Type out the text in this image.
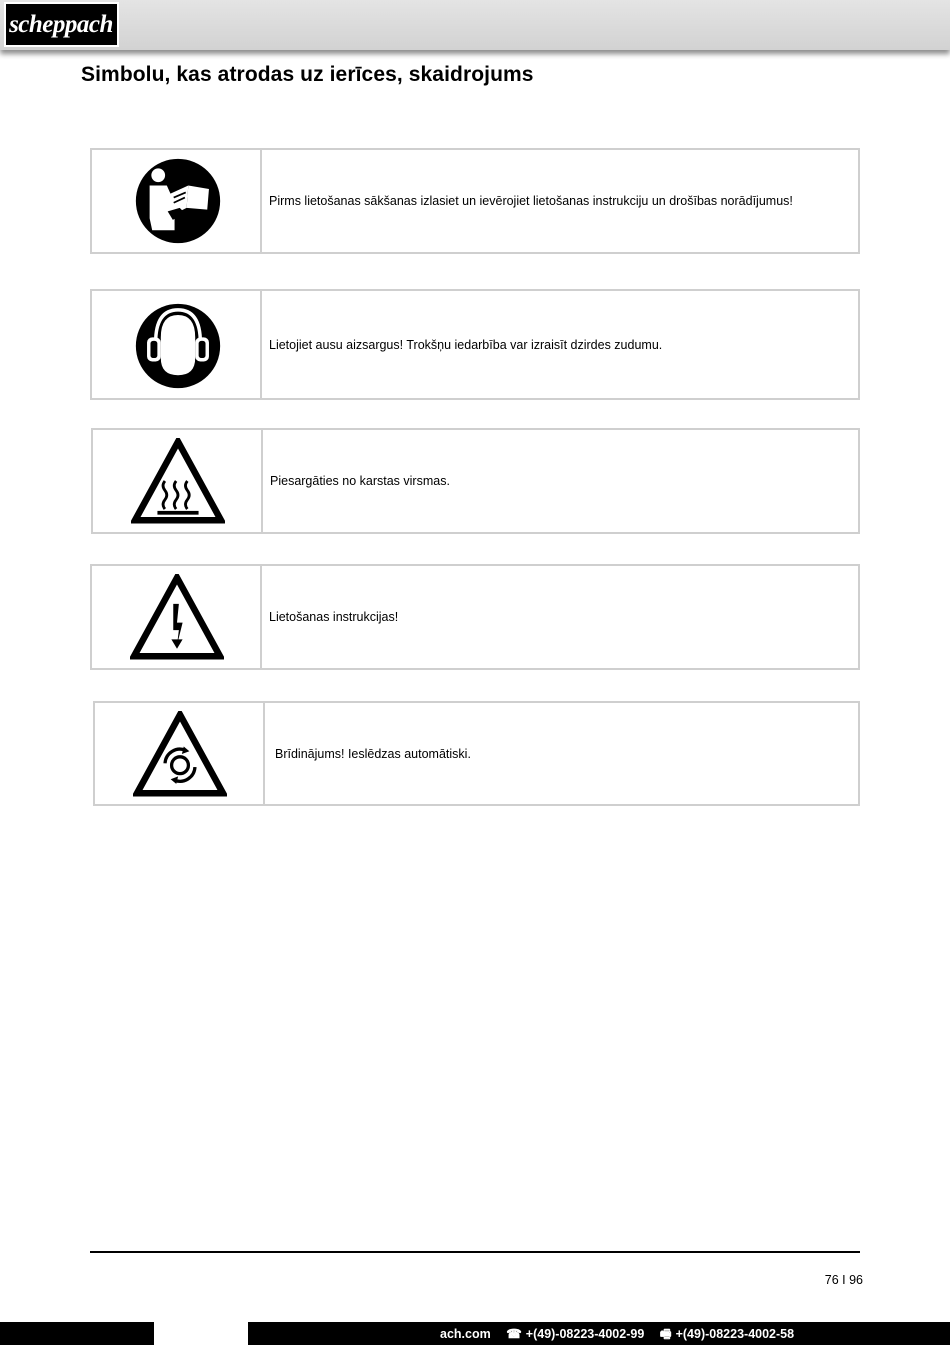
scheppach
Simbolu, kas atrodas uz ierīces, skaidrojums
Pirms lietošanas sākšanas izlasiet un ievērojiet lietošanas instrukciju un drošības norādījumus!
Lietojiet ausu aizsargus! Trokšņu iedarbība var izraisīt dzirdes zudumu.
Piesargāties no karstas virsmas.
Lietošanas instrukcijas!
Brīdinājums! Ieslēdzas automātiski.
76 I 96
ach.com ☎ +(49)-08223-4002-99 🖷 +(49)-08223-4002-58
